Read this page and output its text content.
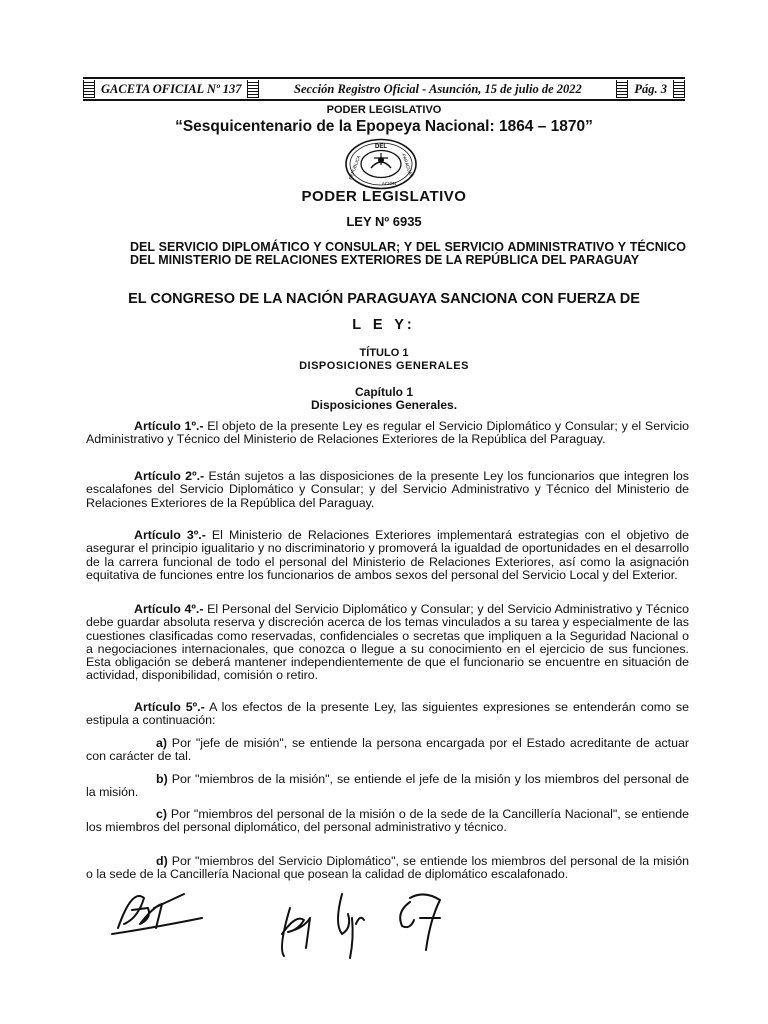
GACETA OFICIAL Nº 137	Sección Registro Oficial - Asunción, 15 de julio de 2022	Pág. 3
PODER LEGISLATIVO
“Sesquicentenario de la Epopeya Nacional: 1864 – 1870”
DEL
REPUBLICA	PARAGUAY
ACIÓN
PODER LEGISLATIVO
LEY Nº 6935
DEL SERVICIO DIPLOMÁTICO Y CONSULAR; Y DEL SERVICIO ADMINISTRATIVO Y TÉCNICO DEL MINISTERIO DE RELACIONES EXTERIORES DE LA REPÚBLICA DEL PARAGUAY
EL CONGRESO DE LA NACIÓN PARAGUAYA SANCIONA CON FUERZA DE
L E Y:
TÍTULO 1
DISPOSICIONES GENERALES
Capítulo 1
Disposiciones Generales.
Artículo 1º.- El objeto de la presente Ley es regular el Servicio Diplomático y Consular; y el Servicio Administrativo y Técnico del Ministerio de Relaciones Exteriores de la República del Paraguay.
Artículo 2º.- Están sujetos a las disposiciones de la presente Ley los funcionarios que integren los escalafones del Servicio Diplomático y Consular; y del Servicio Administrativo y Técnico del Ministerio de Relaciones Exteriores de la República del Paraguay.
Artículo 3º.- El Ministerio de Relaciones Exteriores implementará estrategias con el objetivo de asegurar el principio igualitario y no discriminatorio y promoverá la igualdad de oportunidades en el desarrollo de la carrera funcional de todo el personal del Ministerio de Relaciones Exteriores, así como la asignación equitativa de funciones entre los funcionarios de ambos sexos del personal del Servicio Local y del Exterior.
Artículo 4º.- El Personal del Servicio Diplomático y Consular; y del Servicio Administrativo y Técnico debe guardar absoluta reserva y discreción acerca de los temas vinculados a su tarea y especialmente de las cuestiones clasificadas como reservadas, confidenciales o secretas que impliquen a la Seguridad Nacional o a negociaciones internacionales, que conozca o llegue a su conocimiento en el ejercicio de sus funciones. Esta obligación se deberá mantener independientemente de que el funcionario se encuentre en situación de actividad, disponibilidad, comisión o retiro.
Artículo 5º.- A los efectos de la presente Ley, las siguientes expresiones se entenderán como se estipula a continuación:
a) Por "jefe de misión", se entiende la persona encargada por el Estado acreditante de actuar con carácter de tal.
b) Por "miembros de la misión", se entiende el jefe de la misión y los miembros del personal de la misión.
c) Por "miembros del personal de la misión o de la sede de la Cancillería Nacional", se entiende los miembros del personal diplomático, del personal administrativo y técnico.
d) Por "miembros del Servicio Diplomático", se entiende los miembros del personal de la misión o la sede de la Cancillería Nacional que posean la calidad de diplomático escalafonado.
